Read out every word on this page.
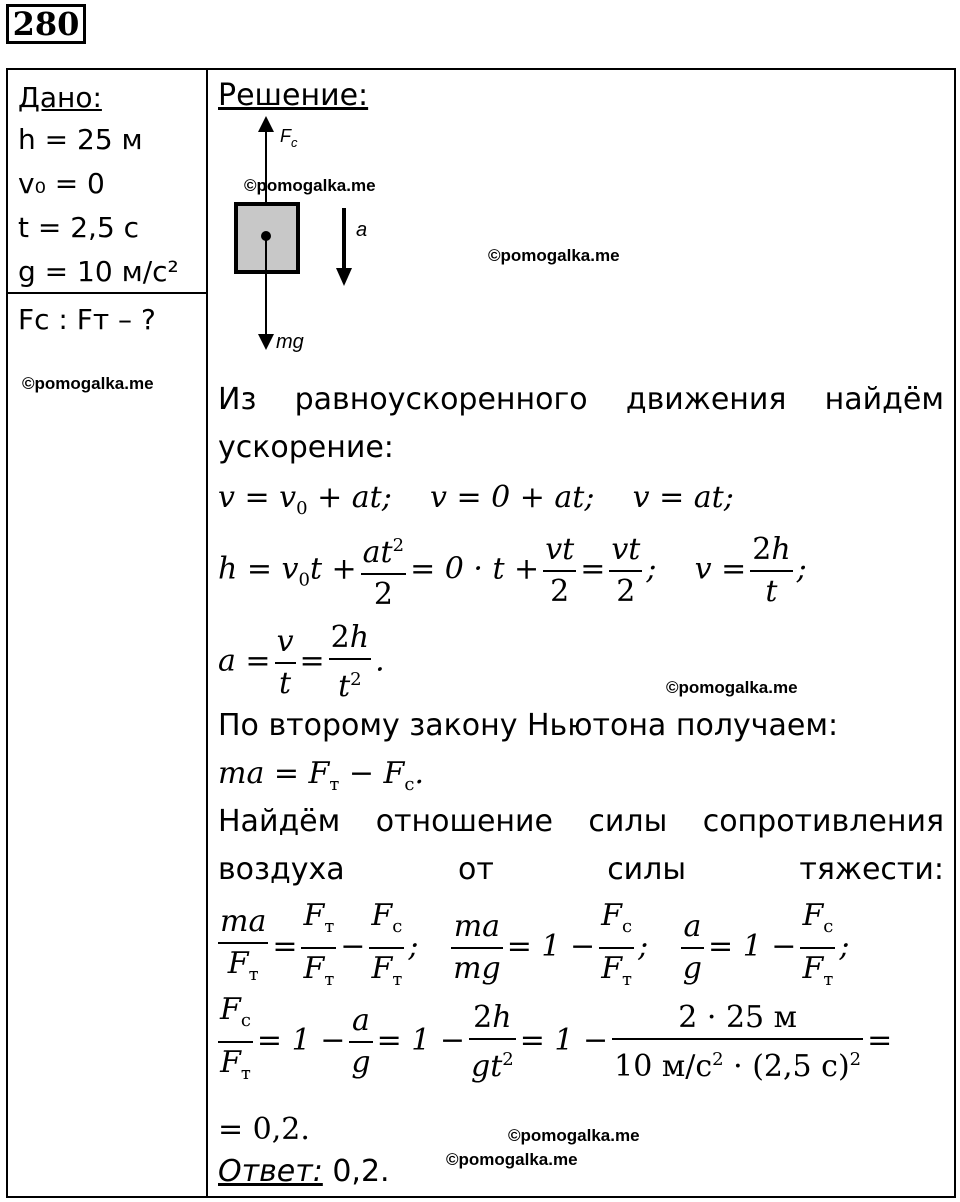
280
Дано:
h = 25 м
v₀ = 0
t = 2,5 с
g = 10 м/с²
Fс : Fт – ?
©pomogalka.me
©pomogalka.me
©pomogalka.me
©pomogalka.me
©pomogalka.me
©pomogalka.me
Решение:
$F_c$
a
mg
Из равноускоренного движения найдём ускорение:
$v = v_0$ + at;    v = 0 + at;    v = at;
$h = v_0t + \frac{at^2}{2} = 0 \cdot t + \frac{vt}{2} = \frac{vt}{2}$ ;    $v = \frac{2h}{t}$ ;
$a = \frac{v}{t} = \frac{2h}{t^2}$ .
По второму закону Ньютона получаем:
ma = $F_т - F_с$.
Найдём отношение силы сопротивления воздуха от силы тяжести:
$\frac{ma}{F_т} = \frac{F_т}{F_т} - \frac{F_с}{F_т}$ ; $\frac{ma}{mg} = 1 - \frac{F_с}{F_т}$ ; $\frac{a}{g} = 1 - \frac{F_с}{F_т}$ ;
$\frac{F_с}{F_т} = 1 - \frac{a}{g} = 1 - \frac{2h}{gt^2} = 1 - \frac{2 \cdot 25 м}{10 м/с^2 \cdot (2,5 с)^2}$ =
= 0,2.
Ответ: 0,2.
